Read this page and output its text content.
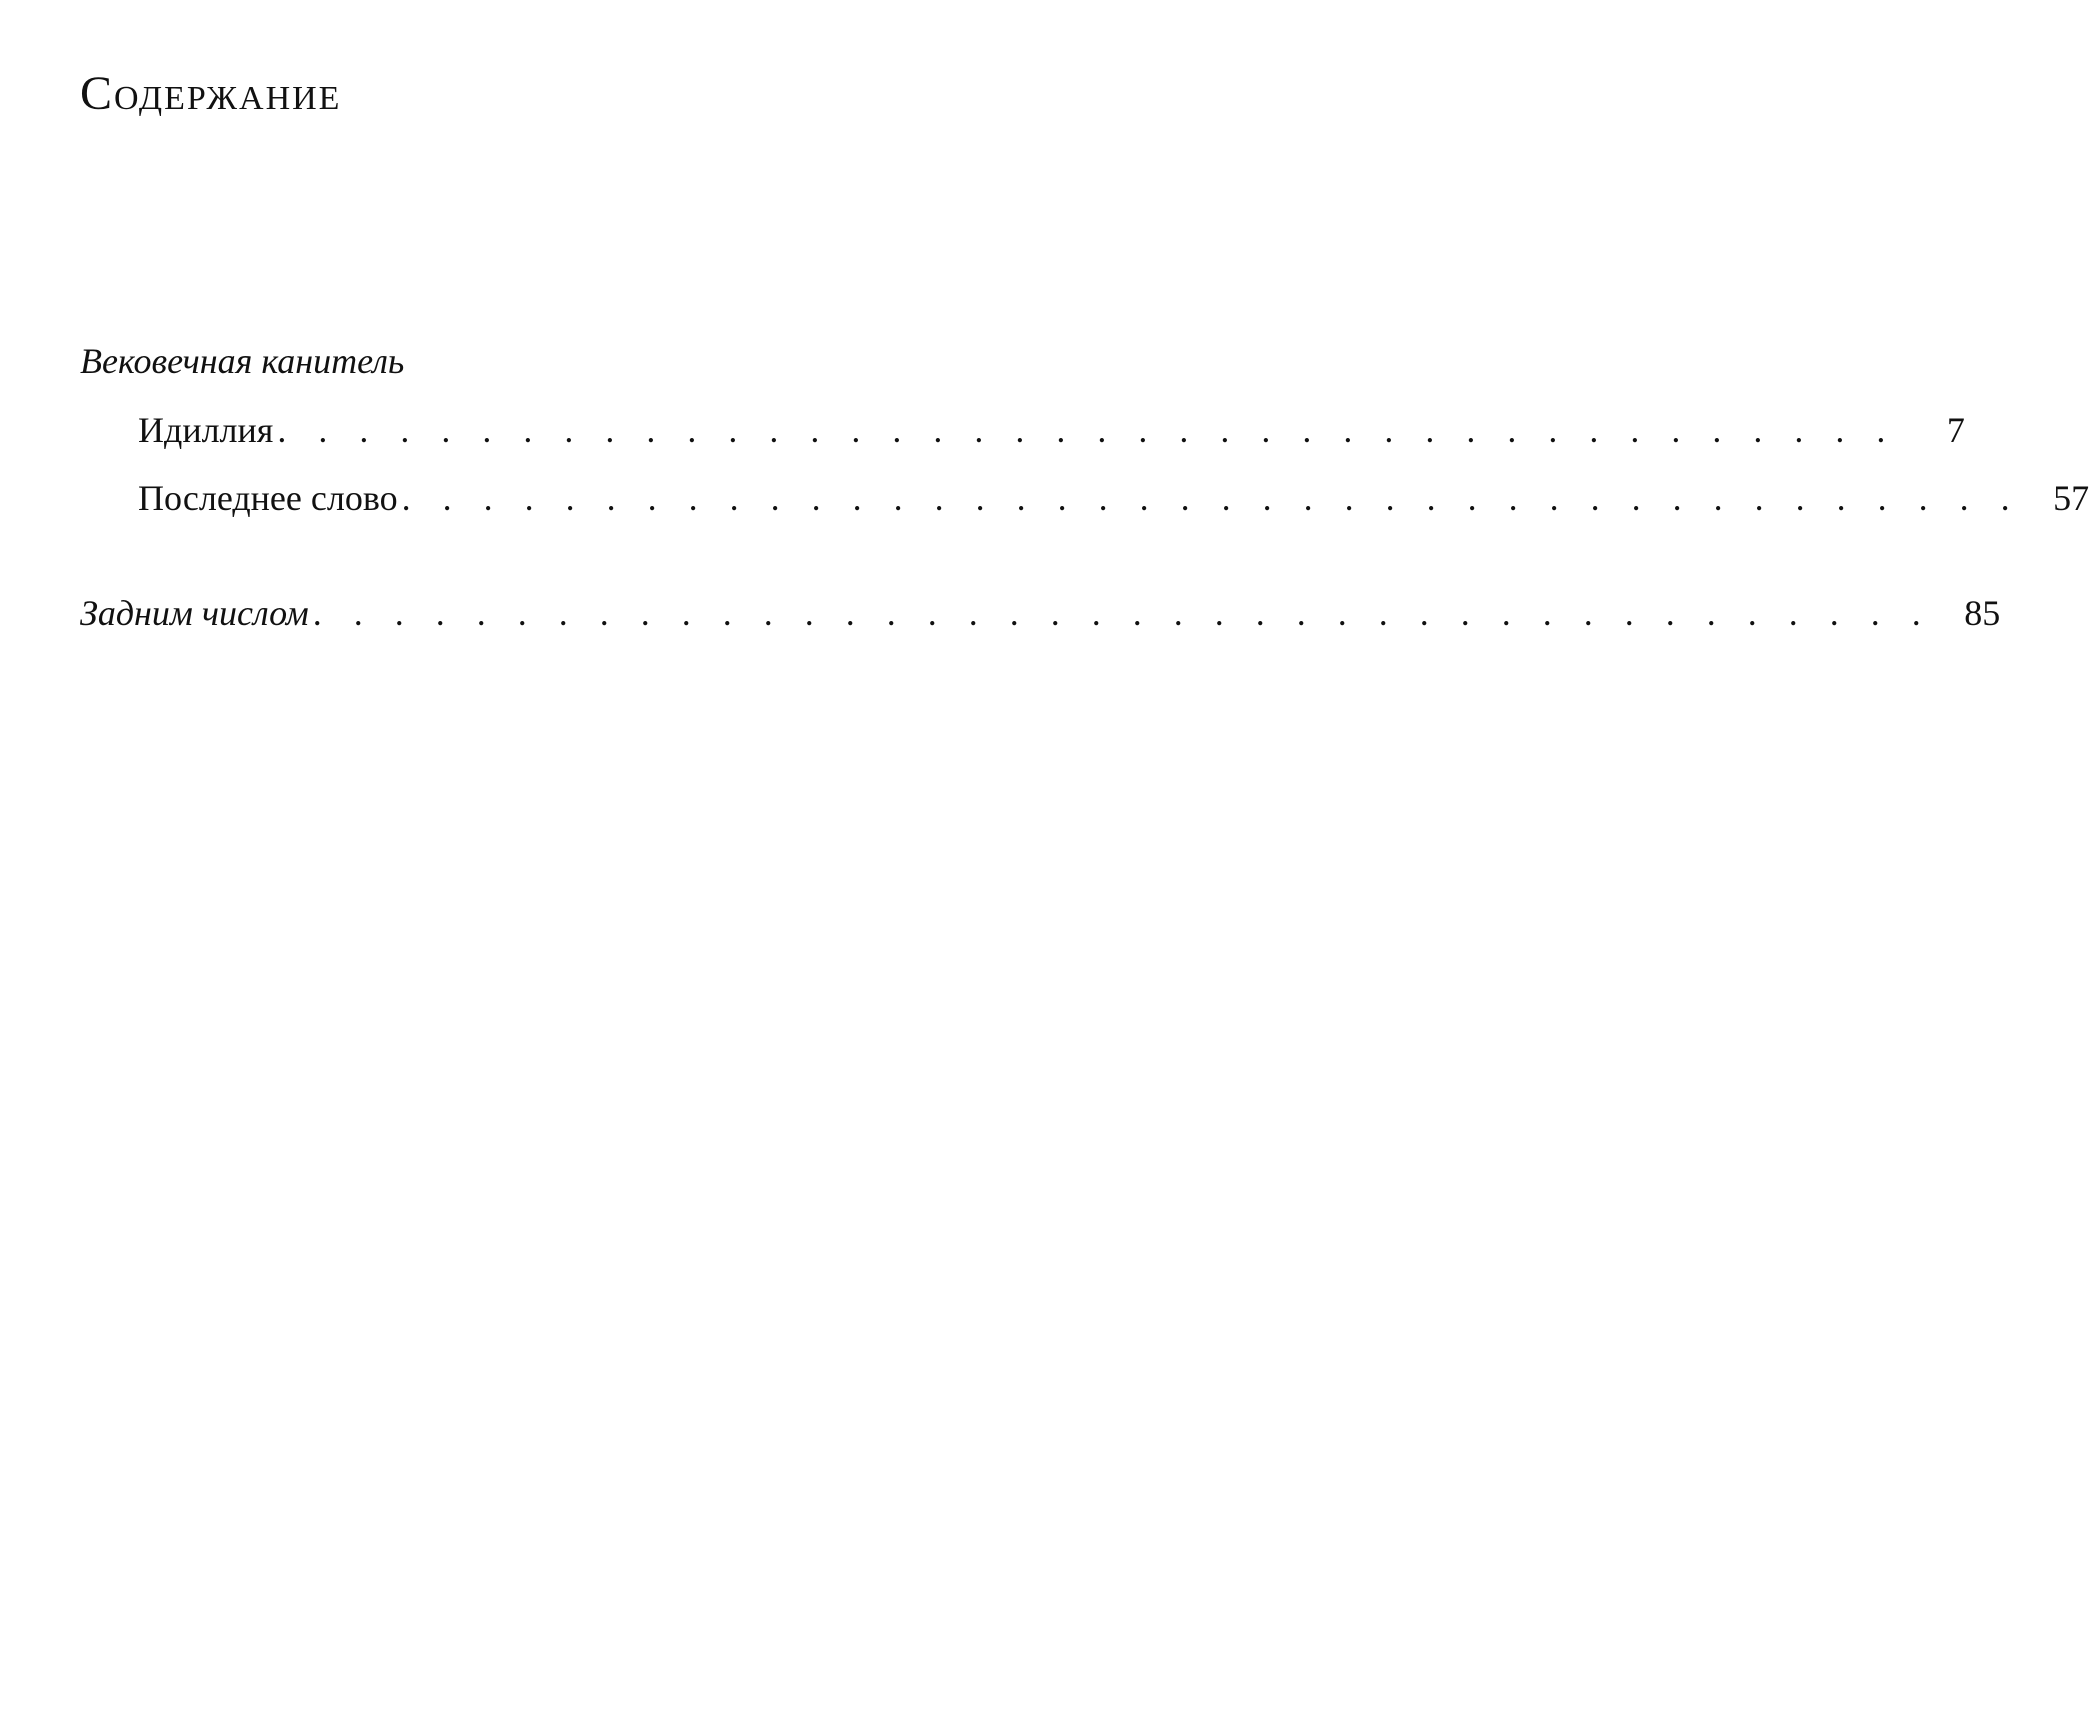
Содержание
Вековечная канитель
Идиллия . . . . . . . . . . . . . . . . . . . . . . . . . . . . . . . . . . . . . . . .	7
Последнее слово . . . . . . . . . . . . . . . . . . . . . . . . . . . . . . . . . . . . . . . . 57
Задним числом . . . . . . . . . . . . . . . . . . . . . . . . . . . . . . . . . . . . . . . . 85
